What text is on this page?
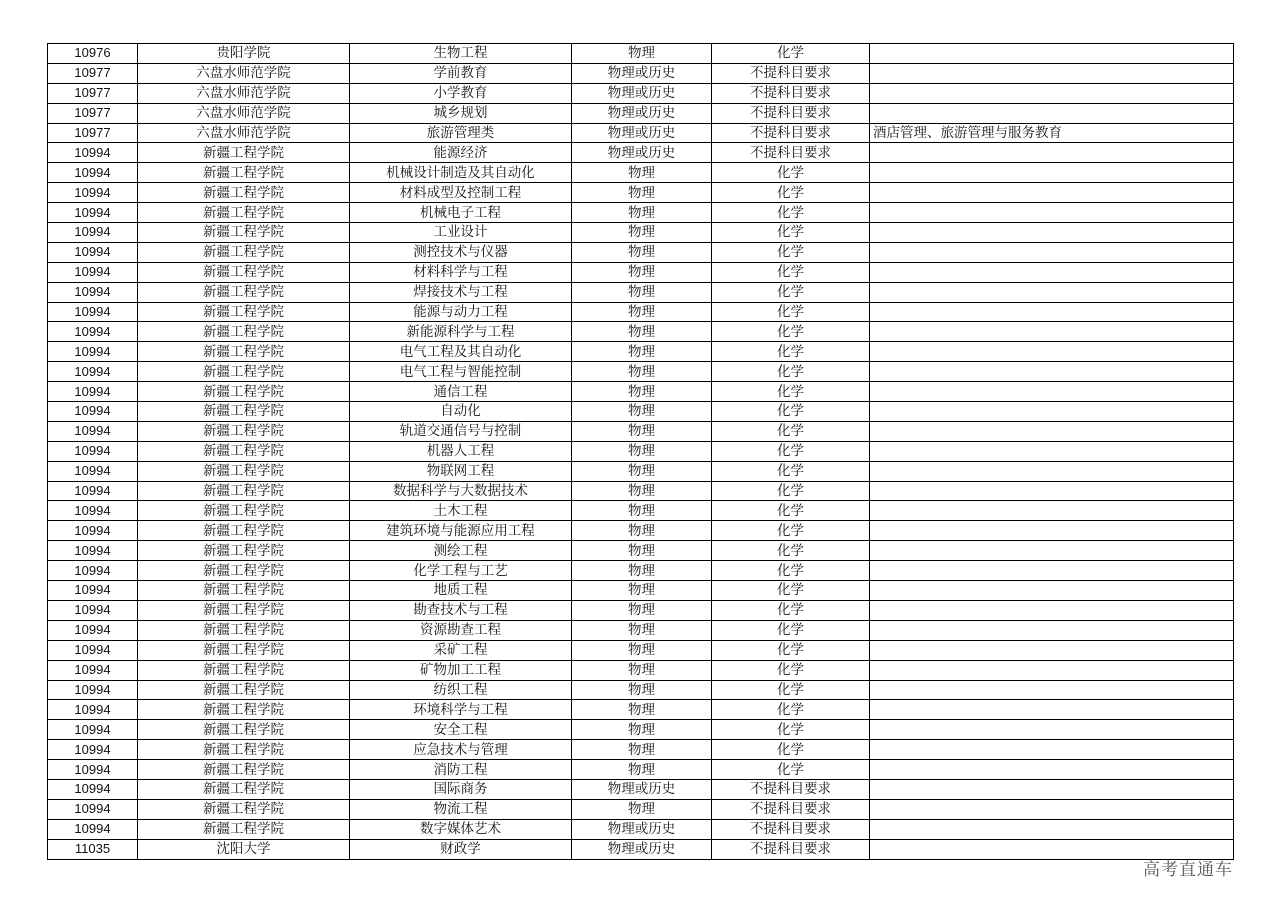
10976	贵阳学院	生物工程	物理	化学	
10977	六盘水师范学院	学前教育	物理或历史	不提科目要求	
10977	六盘水师范学院	小学教育	物理或历史	不提科目要求	
10977	六盘水师范学院	城乡规划	物理或历史	不提科目要求	
10977	六盘水师范学院	旅游管理类	物理或历史	不提科目要求	酒店管理、旅游管理与服务教育
10994	新疆工程学院	能源经济	物理或历史	不提科目要求	
10994	新疆工程学院	机械设计制造及其自动化	物理	化学	
10994	新疆工程学院	材料成型及控制工程	物理	化学	
10994	新疆工程学院	机械电子工程	物理	化学	
10994	新疆工程学院	工业设计	物理	化学	
10994	新疆工程学院	测控技术与仪器	物理	化学	
10994	新疆工程学院	材料科学与工程	物理	化学	
10994	新疆工程学院	焊接技术与工程	物理	化学	
10994	新疆工程学院	能源与动力工程	物理	化学	
10994	新疆工程学院	新能源科学与工程	物理	化学	
10994	新疆工程学院	电气工程及其自动化	物理	化学	
10994	新疆工程学院	电气工程与智能控制	物理	化学	
10994	新疆工程学院	通信工程	物理	化学	
10994	新疆工程学院	自动化	物理	化学	
10994	新疆工程学院	轨道交通信号与控制	物理	化学	
10994	新疆工程学院	机器人工程	物理	化学	
10994	新疆工程学院	物联网工程	物理	化学	
10994	新疆工程学院	数据科学与大数据技术	物理	化学	
10994	新疆工程学院	土木工程	物理	化学	
10994	新疆工程学院	建筑环境与能源应用工程	物理	化学	
10994	新疆工程学院	测绘工程	物理	化学	
10994	新疆工程学院	化学工程与工艺	物理	化学	
10994	新疆工程学院	地质工程	物理	化学	
10994	新疆工程学院	勘查技术与工程	物理	化学	
10994	新疆工程学院	资源勘查工程	物理	化学	
10994	新疆工程学院	采矿工程	物理	化学	
10994	新疆工程学院	矿物加工工程	物理	化学	
10994	新疆工程学院	纺织工程	物理	化学	
10994	新疆工程学院	环境科学与工程	物理	化学	
10994	新疆工程学院	安全工程	物理	化学	
10994	新疆工程学院	应急技术与管理	物理	化学	
10994	新疆工程学院	消防工程	物理	化学	
10994	新疆工程学院	国际商务	物理或历史	不提科目要求	
10994	新疆工程学院	物流工程	物理	不提科目要求	
10994	新疆工程学院	数字媒体艺术	物理或历史	不提科目要求	
11035	沈阳大学	财政学	物理或历史	不提科目要求	
高考直通车
